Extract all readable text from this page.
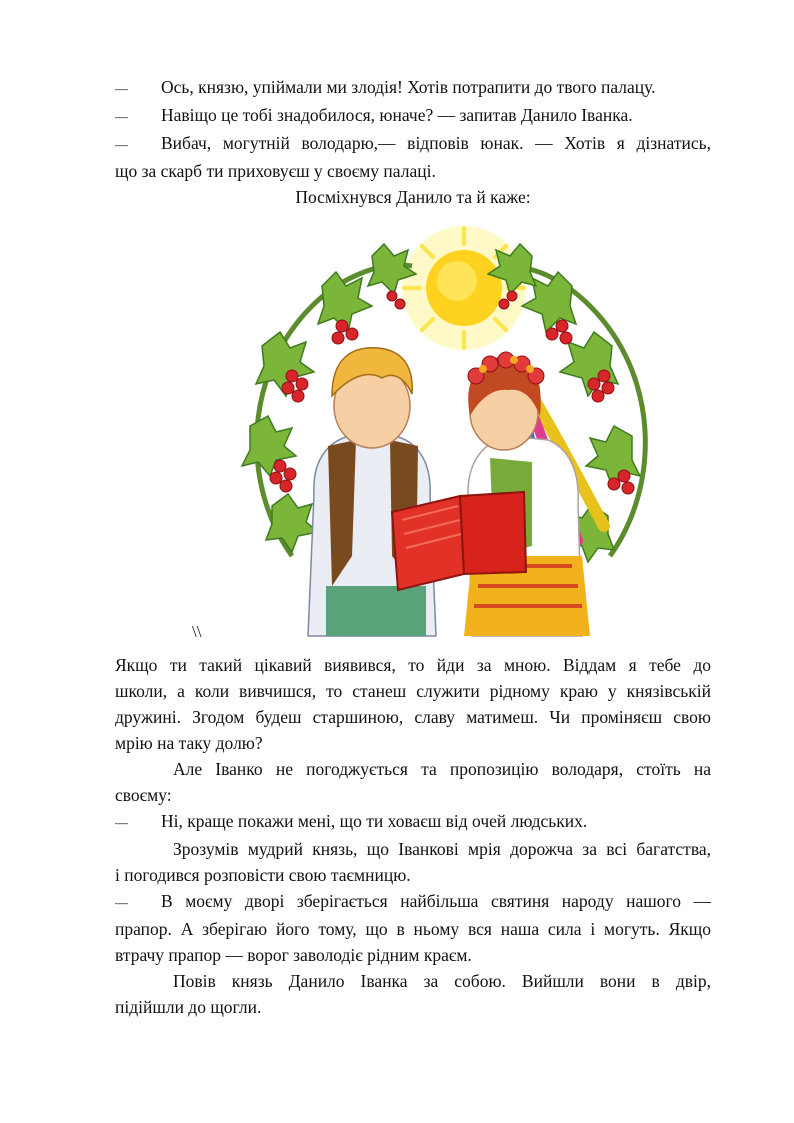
—	Ось, князю, упіймали ми злодія! Хотів потрапити до твого палацу.
—	Навіщо це тобі знадобилося, юначе? — запитав Данило Іванка.
—	Вибач, могутній володарю,— відповів юнак. — Хотів я дізнатись,
що за скарб ти приховуєш у своєму палаці.
Посміхнувся Данило та й каже:
\\
Якщо ти такий цікавий виявився, то йди за мною. Віддам я тебе до
школи, а коли вивчишся, то станеш служити рідному краю у князівській
дружині. Згодом будеш старшиною, славу матимеш. Чи проміняєш свою
мрію на таку долю?
Але Іванко не погоджується та пропозицію володаря, стоїть на
своєму:
—	Ні, краще покажи мені, що ти ховаєш від очей людських.
Зрозумів мудрий князь, що Іванкові мрія дорожча за всі багатства,
і погодився розповісти свою таємницю.
—	В моєму дворі зберігається найбільша святиня народу нашого —
прапор. А зберігаю його тому, що в ньому вся наша сила і могуть. Якщо
втрачу прапор — ворог заволодіє рідним краєм.
Повів князь Данило Іванка за собою. Вийшли вони в двір,
підійшли до щогли.
